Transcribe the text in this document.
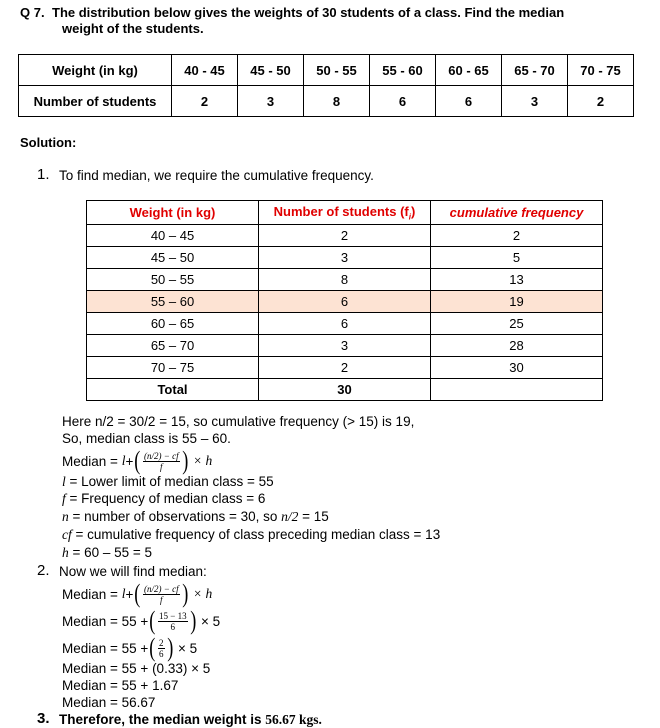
Q 7. The distribution below gives the weights of 30 students of a class. Find the median
weight of the students.
Weight (in kg)	40 - 45	45 - 50	50 - 55	55 - 60	60 - 65	65 - 70	70 - 75
Number of students	2	3	8	6	6	3	2
Solution:
1. To find median, we require the cumulative frequency.
Weight (in kg)	Number of students $(f_i)$	cumulative frequency
40 – 45	2	2
45 – 50	3	5
50 – 55	8	13
55 – 60	6	19
60 – 65	6	25
65 – 70	3	28
70 – 75	2	30
Total	30	
Here n/2 = 30/2 = 15, so cumulative frequency (> 15) is 19,
So, median class is 55 – 60.
Median =
l + ( $\frac{(n/2) - cf}{f}$ )
× h
l = Lower limit of median class = 55
f = Frequency of median class = 6
n = number of observations = 30, so n/2 = 15
cf = cumulative frequency of class preceding median class = 13
h = 60 – 55 = 5
2. Now we will find median:
Median =
l + ( $\frac{(n/2) - cf}{f}$ )
× h
Median = 55 + ( $\frac{15 - 13}{6}$ )
× 5
Median = 55 + ( $\frac{2}{6}$ )
× 5
Median = 55 + (0.33) × 5
Median = 55 + 1.67
Median = 56.67
3. Therefore, the median weight is 56.67 kgs.
